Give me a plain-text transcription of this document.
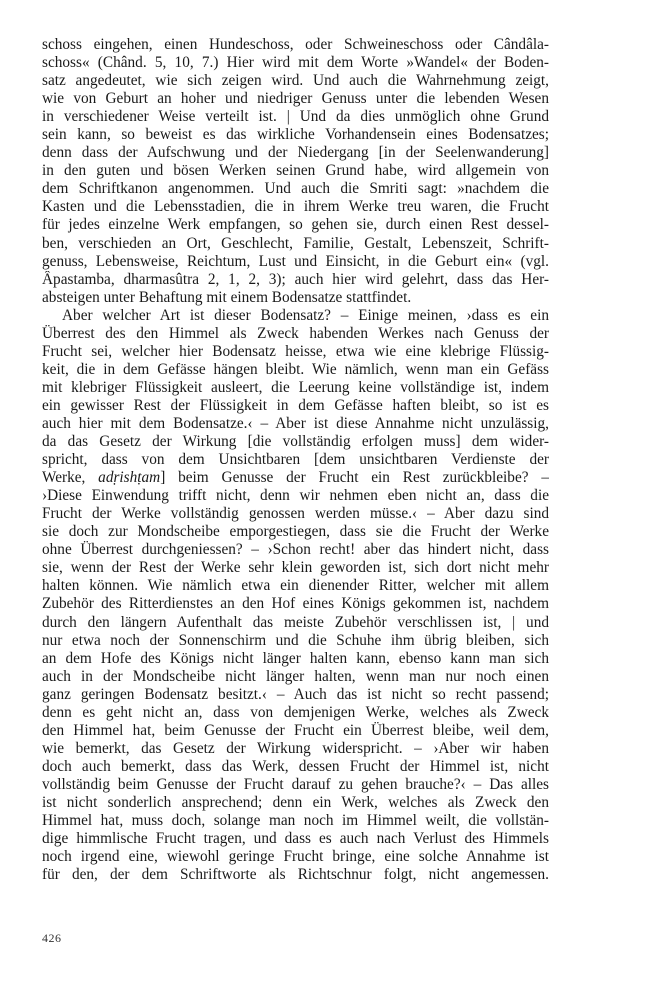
schoss eingehen, einen Hundeschoss, oder Schweineschoss oder Cândâla-
schoss« (Chând. 5, 10, 7.) Hier wird mit dem Worte »Wandel« der Boden-
satz angedeutet, wie sich zeigen wird. Und auch die Wahrnehmung zeigt,
wie von Geburt an hoher und niedriger Genuss unter die lebenden Wesen
in verschiedener Weise verteilt ist. | Und da dies unmöglich ohne Grund
sein kann, so beweist es das wirkliche Vorhandensein eines Bodensatzes;
denn dass der Aufschwung und der Niedergang [in der Seelenwanderung]
in den guten und bösen Werken seinen Grund habe, wird allgemein von
dem Schriftkanon angenommen. Und auch die Smriti sagt: »nachdem die
Kasten und die Lebensstadien, die in ihrem Werke treu waren, die Frucht
für jedes einzelne Werk empfangen, so gehen sie, durch einen Rest dessel-
ben, verschieden an Ort, Geschlecht, Familie, Gestalt, Lebenszeit, Schrift-
genuss, Lebensweise, Reichtum, Lust und Einsicht, in die Geburt ein« (vgl.
Âpastamba, dharmasûtra 2, 1, 2, 3); auch hier wird gelehrt, dass das Her-
absteigen unter Behaftung mit einem Bodensatze stattfindet.
Aber welcher Art ist dieser Bodensatz? – Einige meinen, ›dass es ein
Überrest des den Himmel als Zweck habenden Werkes nach Genuss der
Frucht sei, welcher hier Bodensatz heisse, etwa wie eine klebrige Flüssig-
keit, die in dem Gefässe hängen bleibt. Wie nämlich, wenn man ein Gefäss
mit klebriger Flüssigkeit ausleert, die Leerung keine vollständige ist, indem
ein gewisser Rest der Flüssigkeit in dem Gefässe haften bleibt, so ist es
auch hier mit dem Bodensatze.‹ – Aber ist diese Annahme nicht unzulässig,
da das Gesetz der Wirkung [die vollständig erfolgen muss] dem wider-
spricht, dass von dem Unsichtbaren [dem unsichtbaren Verdienste der
Werke, adṛishṭam] beim Genusse der Frucht ein Rest zurückbleibe? –
›Diese Einwendung trifft nicht, denn wir nehmen eben nicht an, dass die
Frucht der Werke vollständig genossen werden müsse.‹ – Aber dazu sind
sie doch zur Mondscheibe emporgestiegen, dass sie die Frucht der Werke
ohne Überrest durchgeniessen? – ›Schon recht! aber das hindert nicht, dass
sie, wenn der Rest der Werke sehr klein geworden ist, sich dort nicht mehr
halten können. Wie nämlich etwa ein dienender Ritter, welcher mit allem
Zubehör des Ritterdienstes an den Hof eines Königs gekommen ist, nachdem
durch den längern Aufenthalt das meiste Zubehör verschlissen ist, | und
nur etwa noch der Sonnenschirm und die Schuhe ihm übrig bleiben, sich
an dem Hofe des Königs nicht länger halten kann, ebenso kann man sich
auch in der Mondscheibe nicht länger halten, wenn man nur noch einen
ganz geringen Bodensatz besitzt.‹ – Auch das ist nicht so recht passend;
denn es geht nicht an, dass von demjenigen Werke, welches als Zweck
den Himmel hat, beim Genusse der Frucht ein Überrest bleibe, weil dem,
wie bemerkt, das Gesetz der Wirkung widerspricht. – ›Aber wir haben
doch auch bemerkt, dass das Werk, dessen Frucht der Himmel ist, nicht
vollständig beim Genusse der Frucht darauf zu gehen brauche?‹ – Das alles
ist nicht sonderlich ansprechend; denn ein Werk, welches als Zweck den
Himmel hat, muss doch, solange man noch im Himmel weilt, die vollstän-
dige himmlische Frucht tragen, und dass es auch nach Verlust des Himmels
noch irgend eine, wiewohl geringe Frucht bringe, eine solche Annahme ist
für den, der dem Schriftworte als Richtschnur folgt, nicht angemessen.
426
